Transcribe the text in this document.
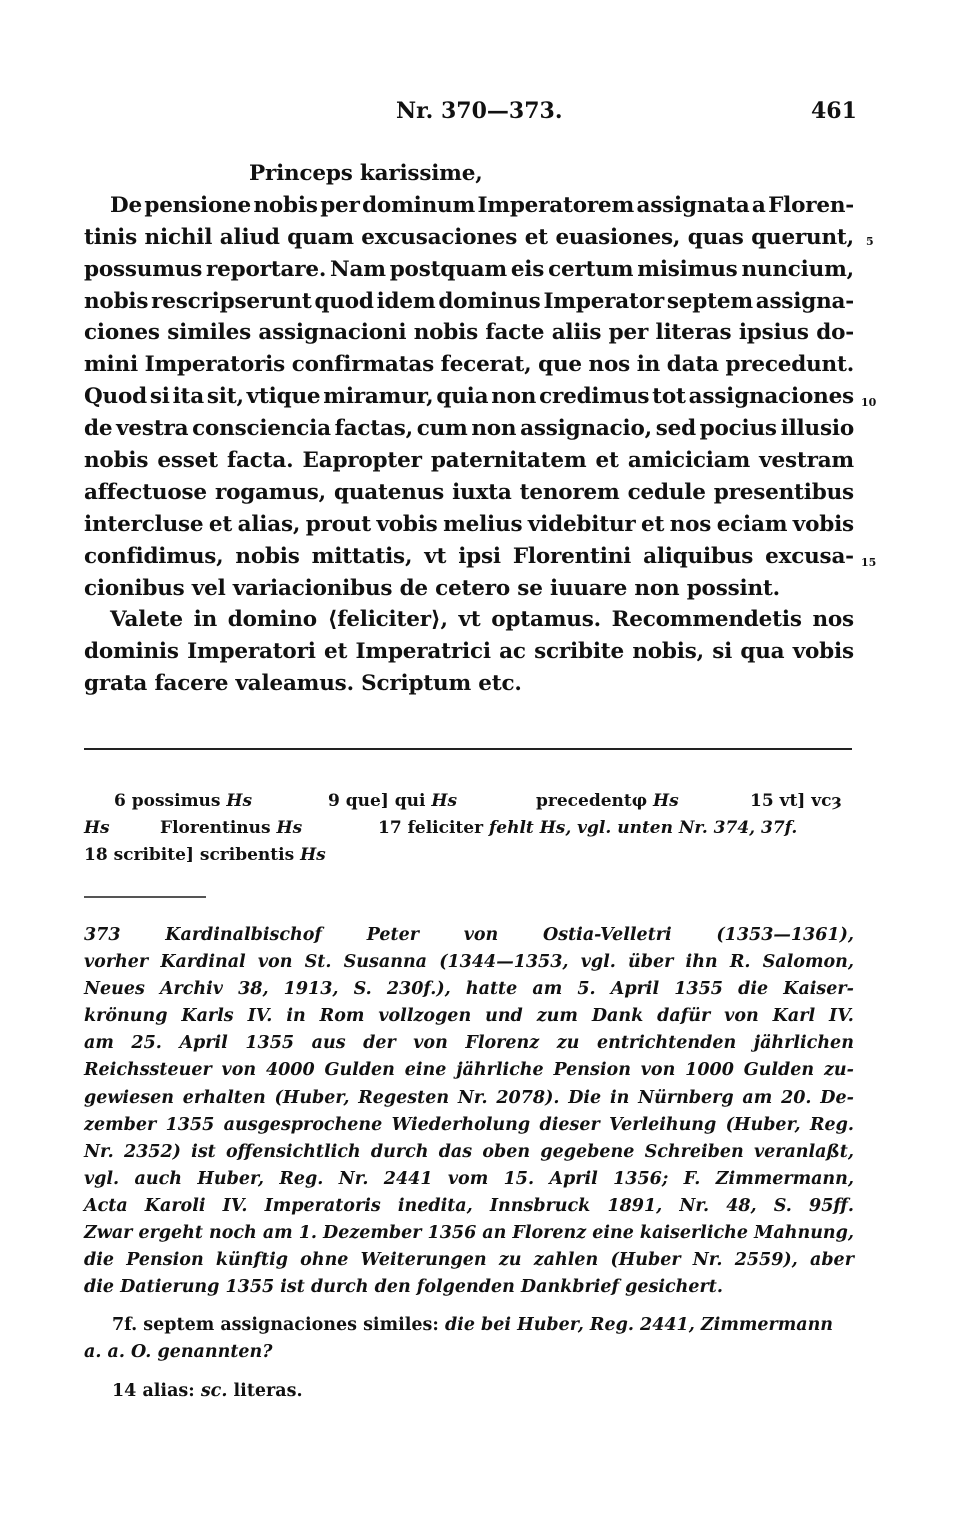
Nr. 370—373.	461
Princeps karissime,
De pensione nobis per dominum Imperatorem assignata a Floren-
tinis nichil aliud quam excusaciones et euasiones, quas querunt,
possumus reportare. Nam postquam eis certum misimus nuncium,
nobis rescripserunt quod idem dominus Imperator septem assigna-
ciones similes assignacioni nobis facte aliis per literas ipsius do-
mini Imperatoris confirmatas fecerat, que nos in data precedunt.
Quod si ita sit, vtique miramur, quia non credimus tot assignaciones
de vestra consciencia factas, cum non assignacio, sed pocius illusio
nobis esset facta. Eapropter paternitatem et amiciciam vestram
affectuose rogamus, quatenus iuxta tenorem cedule presentibus
intercluse et alias, prout vobis melius videbitur et nos eciam vobis
confidimus, nobis mittatis, vt ipsi Florentini aliquibus excusa-
cionibus vel variacionibus de cetero se iuuare non possint.
Valete in domino ⟨feliciter⟩, vt optamus. Recommendetis nos
dominis Imperatori et Imperatrici ac scribite nobis, si qua vobis
grata facere valeamus. Scriptum etc.
5
10
15
6 possimus Hs	9 que] qui Hs	precedentφ Hs	15 vt] vcȝ
Hs	Florentinus Hs	17 feliciter fehlt Hs, vgl. unten Nr. 374, 37f.
18 scribite] scribentis Hs
373	Kardinalbischof	Peter	von	Ostia-Velletri	(1353—1361),
vorher Kardinal von St. Susanna (1344—1353, vgl. über ihn R. Salomon,
Neues Archiv 38, 1913, S. 230f.), hatte am 5. April 1355 die Kaiser-
krönung Karls IV. in Rom vollzogen und zum Dank dafür von Karl IV.
am 25. April 1355 aus der von Florenz zu entrichtenden jährlichen
Reichssteuer von 4000 Gulden eine jährliche Pension von 1000 Gulden zu-
gewiesen erhalten (Huber, Regesten Nr. 2078). Die in Nürnberg am 20. De-
zember 1355 ausgesprochene Wiederholung dieser Verleihung (Huber, Reg.
Nr. 2352) ist offensichtlich durch das oben gegebene Schreiben veranlaßt,
vgl. auch Huber, Reg. Nr. 2441 vom 15. April 1356; F. Zimmermann,
Acta Karoli IV. Imperatoris inedita, Innsbruck 1891, Nr. 48, S. 95ff.
Zwar ergeht noch am 1. Dezember 1356 an Florenz eine kaiserliche Mahnung,
die Pension künftig ohne Weiterungen zu zahlen (Huber Nr. 2559), aber
die Datierung 1355 ist durch den folgenden Dankbrief gesichert.
7f. septem assignaciones similes: die bei Huber, Reg. 2441, Zimmermann
a. a. O. genannten?
14 alias: sc. literas.
